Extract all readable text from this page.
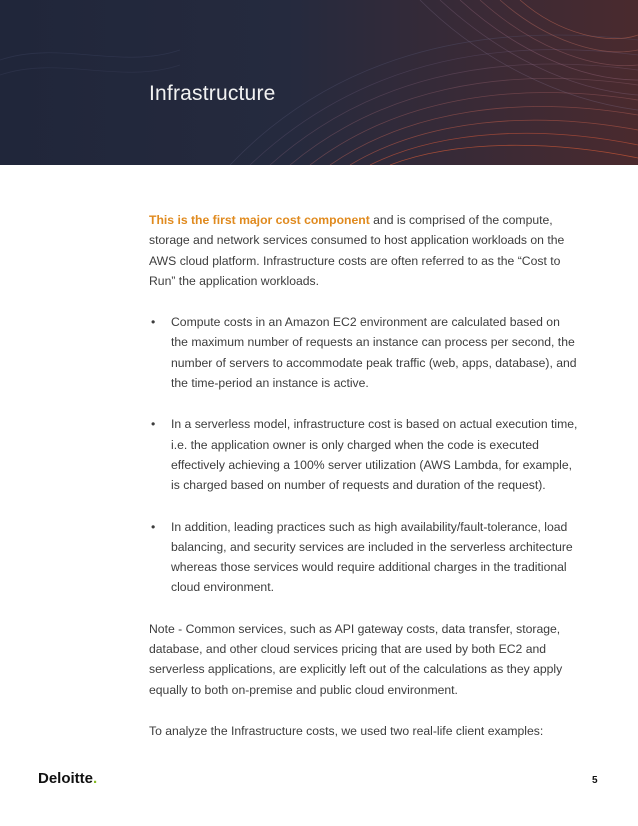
Infrastructure

This is the first major cost component and is comprised of the compute, storage and network services consumed to host application workloads on the AWS cloud platform. Infrastructure costs are often referred to as the “Cost to Run” the application workloads.

• Compute costs in an Amazon EC2 environment are calculated based on the maximum number of requests an instance can process per second, the number of servers to accommodate peak traffic (web, apps, database), and the time-period an instance is active.
• In a serverless model, infrastructure cost is based on actual execution time, i.e. the application owner is only charged when the code is executed effectively achieving a 100% server utilization (AWS Lambda, for example, is charged based on number of requests and duration of the request).
• In addition, leading practices such as high availability/fault-tolerance, load balancing, and security services are included in the serverless architecture whereas those services would require additional charges in the traditional cloud environment.

Note - Common services, such as API gateway costs, data transfer, storage, database, and other cloud services pricing that are used by both EC2 and serverless applications, are explicitly left out of the calculations as they apply equally to both on-premise and public cloud environment.

To analyze the Infrastructure costs, we used two real-life client examples:

Deloitte.	5
